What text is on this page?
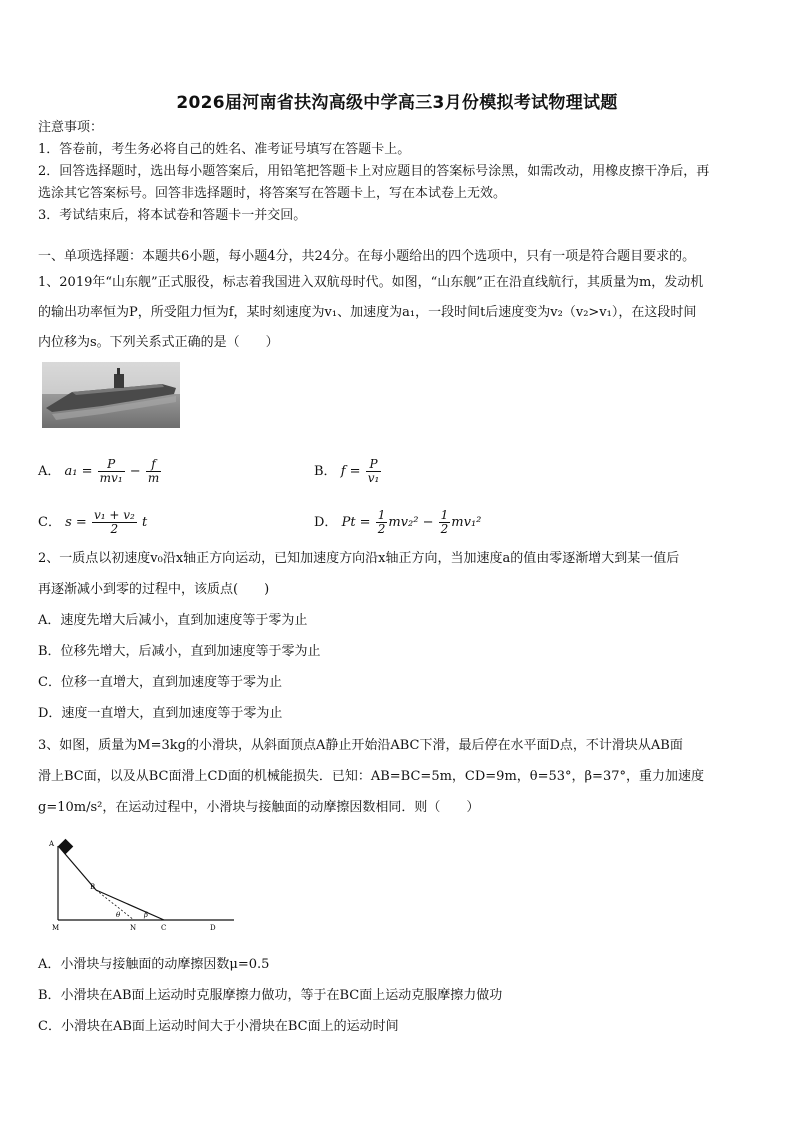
2026届河南省扶沟高级中学高三3月份模拟考试物理试题
注意事项：
1．答卷前，考生务必将自己的姓名、准考证号填写在答题卡上。
2．回答选择题时，选出每小题答案后，用铅笔把答题卡上对应题目的答案标号涂黑，如需改动，用橡皮擦干净后，再
选涂其它答案标号。回答非选择题时，将答案写在答题卡上，写在本试卷上无效。
3．考试结束后，将本试卷和答题卡一并交回。
一、单项选择题：本题共6小题，每小题4分，共24分。在每小题给出的四个选项中，只有一项是符合题目要求的。
1、2019年“山东舰”正式服役，标志着我国进入双航母时代。如图，“山东舰”正在沿直线航行，其质量为m，发动机
的输出功率恒为P，所受阻力恒为f，某时刻速度为v₁、加速度为a₁，一段时间t后速度变为v₂（v₂>v₁），在这段时间
内位移为s。下列关系式正确的是（　　）
A． $a_1 = \frac{P}{\text{mv₁}} - \frac{f}{m}$	B． $f = \frac{P}{\text{v₁}}$
C． $s = \frac{\text{v₁ + v₂}}{2}$ t	D． $Pt = \frac{1}{2} mv_2^2 - \frac{1}{2} mv_1^2$
2、一质点以初速度v₀沿x轴正方向运动，已知加速度方向沿x轴正方向，当加速度a的值由零逐渐增大到某一值后
再逐渐减小到零的过程中，该质点(　　)
A．速度先增大后减小，直到加速度等于零为止
B．位移先增大，后减小，直到加速度等于零为止
C．位移一直增大，直到加速度等于零为止
D．速度一直增大，直到加速度等于零为止
3、如图，质量为M=3kg的小滑块，从斜面顶点A静止开始沿ABC下滑，最后停在水平面D点，不计滑块从AB面
滑上BC面，以及从BC面滑上CD面的机械能损失．已知：AB=BC=5m，CD=9m，θ=53°，β=37°，重力加速度
g=10m/s²，在运动过程中，小滑块与接触面的动摩擦因数相同．则（　　）
A
B
M	N	C	D
θ	β
A．小滑块与接触面的动摩擦因数μ=0.5
B．小滑块在AB面上运动时克服摩擦力做功，等于在BC面上运动克服摩擦力做功
C．小滑块在AB面上运动时间大于小滑块在BC面上的运动时间
